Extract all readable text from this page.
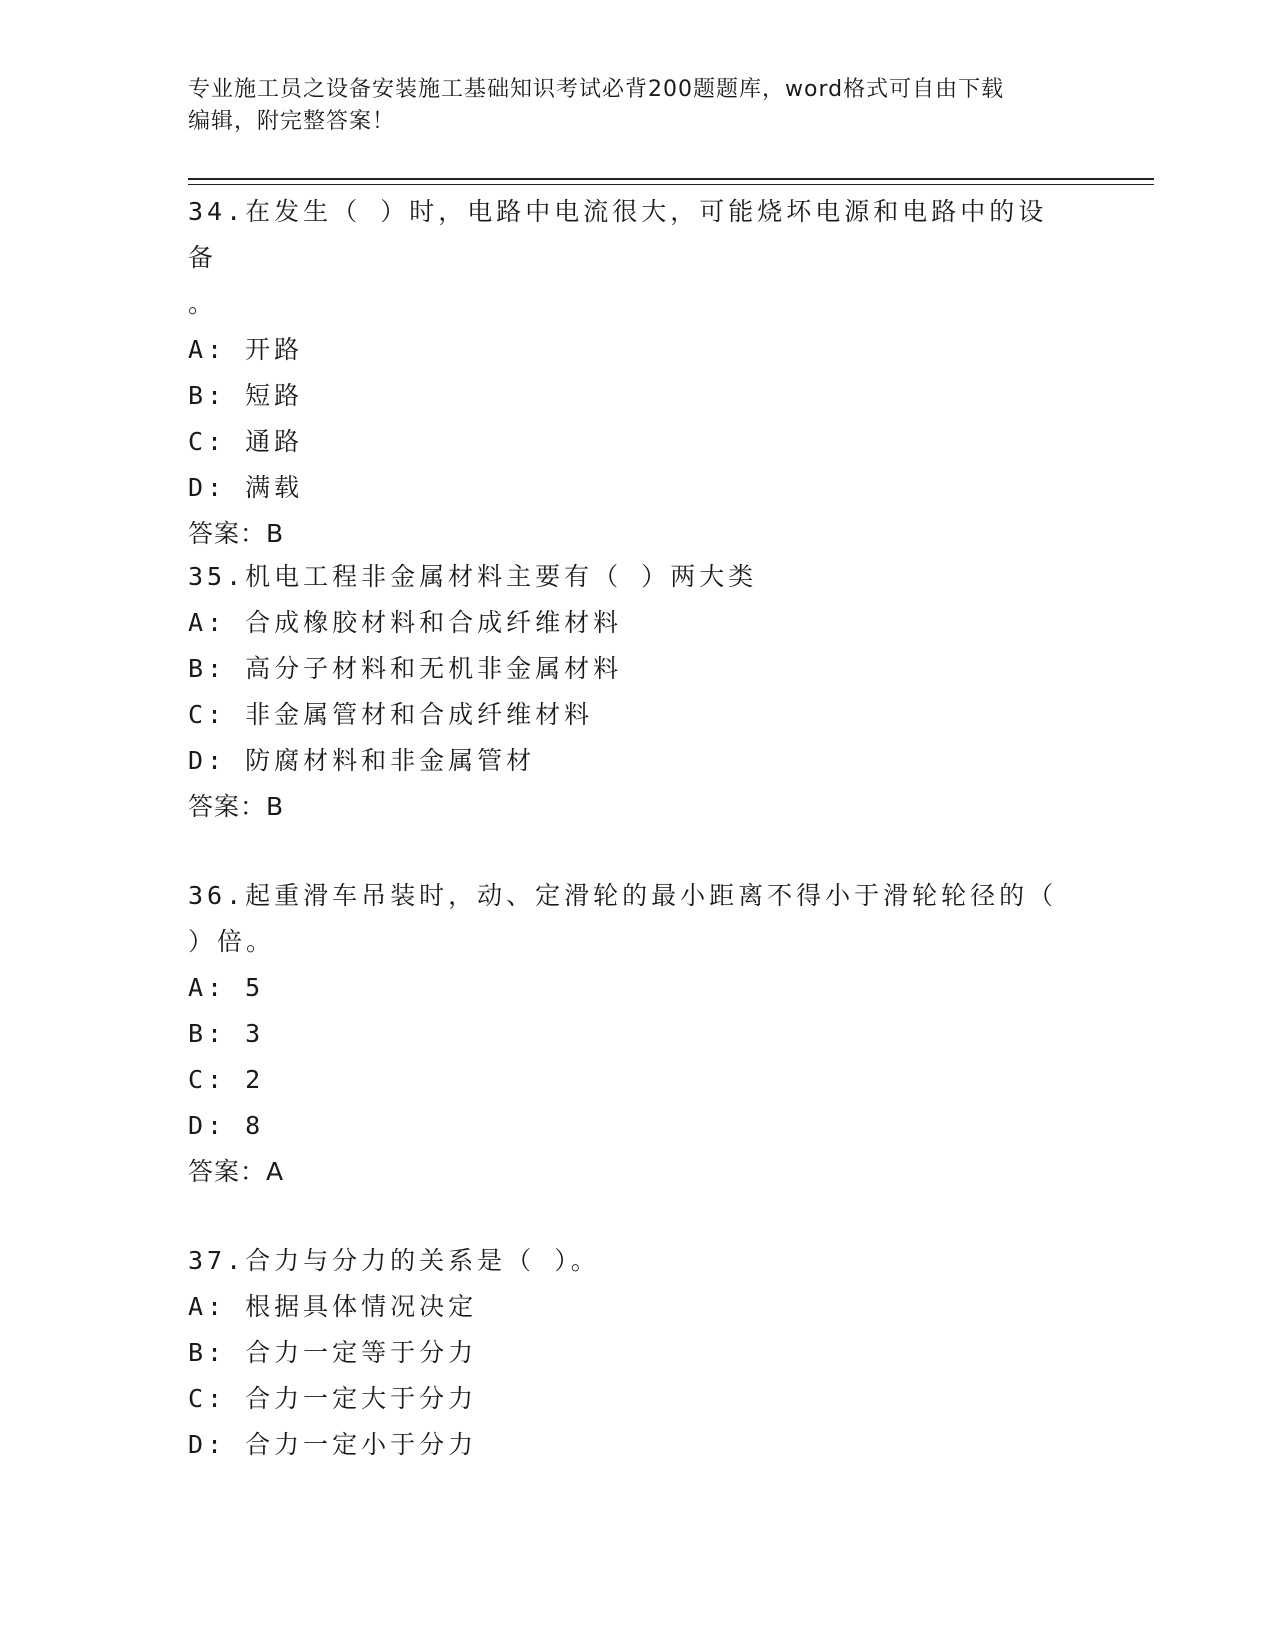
专业施工员之设备安装施工基础知识考试必背200题题库，word格式可自由下载
编辑，附完整答案！

34.在发生（ ）时，电路中电流很大，可能烧坏电源和电路中的设备

。

A: 开路

B: 短路

C: 通路

D: 满载

答案：B

35.机电工程非金属材料主要有（ ）两大类

A: 合成橡胶材料和合成纤维材料

B: 高分子材料和无机非金属材料

C: 非金属管材和合成纤维材料

D: 防腐材料和非金属管材

答案：B

36.起重滑车吊装时，动、定滑轮的最小距离不得小于滑轮轮径的（

）倍。

A: 5

B: 3

C: 2

D: 8

答案：A

37.合力与分力的关系是（ ）。

A: 根据具体情况决定

B: 合力一定等于分力

C: 合力一定大于分力

D: 合力一定小于分力
